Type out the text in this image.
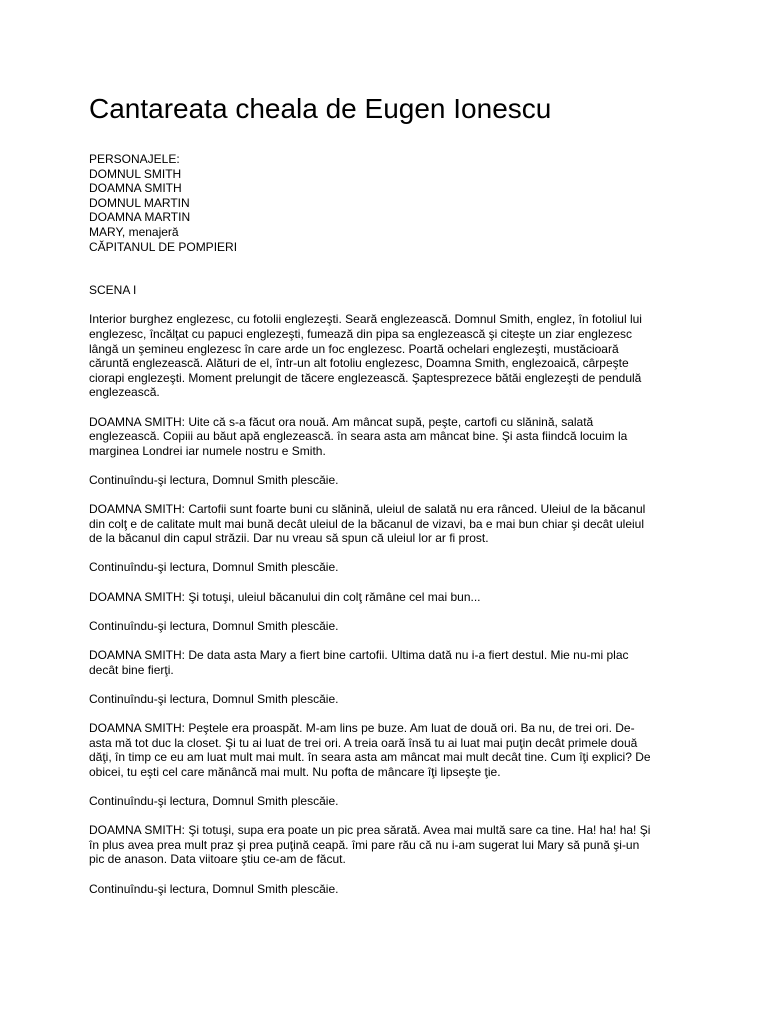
Cantareata cheala de Eugen Ionescu
PERSONAJELE:
DOMNUL SMITH
DOAMNA SMITH
DOMNUL MARTIN
DOAMNA MARTIN
MARY, menajeră
CĂPITANUL DE POMPIERI
SCENA I
Interior burghez englezesc, cu fotolii englezeşti. Seară englezească. Domnul Smith, englez, în fotoliul lui
englezesc, încălţat cu papuci englezeşti, fumează din pipa sa englezească şi citeşte un ziar englezesc
lângă un şemineu englezesc în care arde un foc englezesc. Poartă ochelari englezeşti, mustăcioară
căruntă englezească. Alături de el, într-un alt fotoliu englezesc, Doamna Smith, englezoaică, cârpeşte
ciorapi englezeşti. Moment prelungit de tăcere englezească. Şaptesprezece bătăi englezeşti de pendulă
englezească.
DOAMNA SMITH: Uite că s-a făcut ora nouă. Am mâncat supă, peşte, cartofi cu slănină, salată
englezească. Copiii au băut apă englezească. în seara asta am mâncat bine. Şi asta fiindcă locuim la
marginea Londrei iar numele nostru e Smith.
Continuîndu-şi lectura, Domnul Smith plescăie.
DOAMNA SMITH: Cartofii sunt foarte buni cu slănină, uleiul de salată nu era rânced. Uleiul de la băcanul
din colţ e de calitate mult mai bună decât uleiul de la băcanul de vizavi, ba e mai bun chiar şi decât uleiul
de la băcanul din capul străzii. Dar nu vreau să spun că uleiul lor ar fi prost.
Continuîndu-şi lectura, Domnul Smith plescăie.
DOAMNA SMITH: Şi totuşi, uleiul băcanului din colţ rămâne cel mai bun...
Continuîndu-şi lectura, Domnul Smith plescăie.
DOAMNA SMITH: De data asta Mary a fiert bine cartofii. Ultima dată nu i-a fiert destul. Mie nu-mi plac
decât bine fierţi.
Continuîndu-şi lectura, Domnul Smith plescăie.
DOAMNA SMITH: Peştele era proaspăt. M-am lins pe buze. Am luat de două ori. Ba nu, de trei ori. De-
asta mă tot duc la closet. Şi tu ai luat de trei ori. A treia oară însă tu ai luat mai puţin decât primele două
dăţi, în timp ce eu am luat mult mai mult. în seara asta am mâncat mai mult decât tine. Cum îţi explici? De
obicei, tu eşti cel care mănâncă mai mult. Nu pofta de mâncare îţi lipseşte ţie.
Continuîndu-şi lectura, Domnul Smith plescăie.
DOAMNA SMITH: Şi totuşi, supa era poate un pic prea sărată. Avea mai multă sare ca tine. Ha! ha! ha! Şi
în plus avea prea mult praz şi prea puţină ceapă. îmi pare rău că nu i-am sugerat lui Mary să pună şi-un
pic de anason. Data viitoare ştiu ce-am de făcut.
Continuîndu-şi lectura, Domnul Smith plescăie.
